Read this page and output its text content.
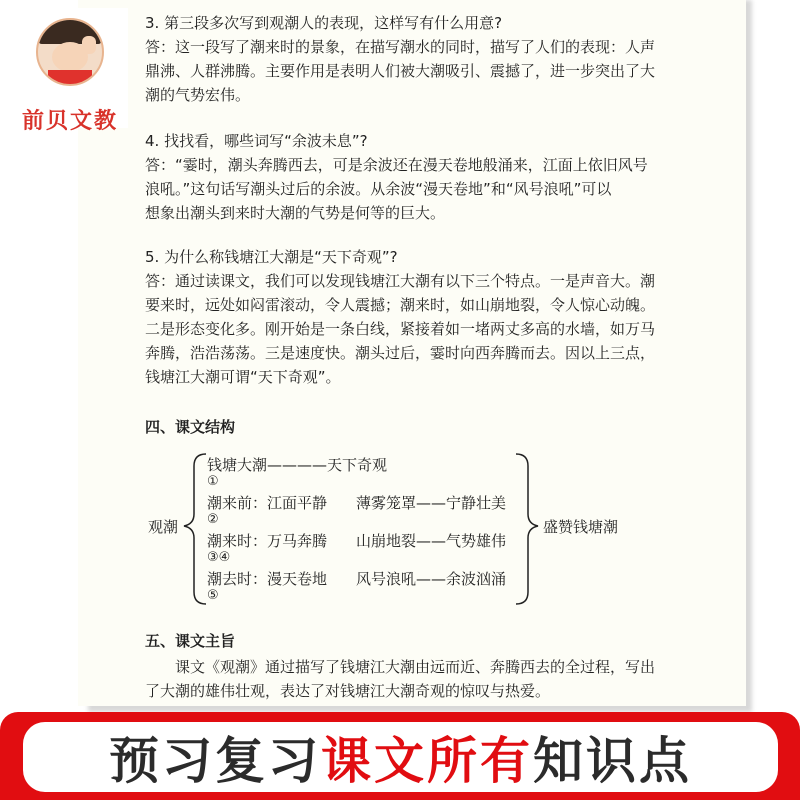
前贝文教
3. 第三段多次写到观潮人的表现，这样写有什么用意?
答：这一段写了潮来时的景象，在描写潮水的同时，描写了人们的表现：人声
鼎沸、人群沸腾。主要作用是表明人们被大潮吸引、震撼了，进一步突出了大
潮的气势宏伟。
4. 找找看，哪些词写“余波未息”?
答：“霎时，潮头奔腾西去，可是余波还在漫天卷地般涌来，江面上依旧风号
浪吼。”这句话写潮头过后的余波。从余波“漫天卷地”和“风号浪吼”可以
想象出潮头到来时大潮的气势是何等的巨大。
5. 为什么称钱塘江大潮是“天下奇观”?
答：通过读课文，我们可以发现钱塘江大潮有以下三个特点。一是声音大。潮
要来时，远处如闷雷滚动，令人震撼；潮来时，如山崩地裂，令人惊心动魄。
二是形态变化多。刚开始是一条白线，紧接着如一堵两丈多高的水墙，如万马
奔腾，浩浩荡荡。三是速度快。潮头过后，霎时向西奔腾而去。因以上三点，
钱塘江大潮可谓“天下奇观”。
四、课文结构
观潮
钱塘大潮————天下奇观
①
潮来前：江面平静 薄雾笼罩——宁静壮美
②
潮来时：万马奔腾 山崩地裂——气势雄伟
③④
潮去时：漫天卷地 风号浪吼——余波汹涌
⑤
盛赞钱塘潮
五、课文主旨
课文《观潮》通过描写了钱塘江大潮由远而近、奔腾西去的全过程，写出
了大潮的雄伟壮观，表达了对钱塘江大潮奇观的惊叹与热爱。
预习复习 课文所有 知识点
